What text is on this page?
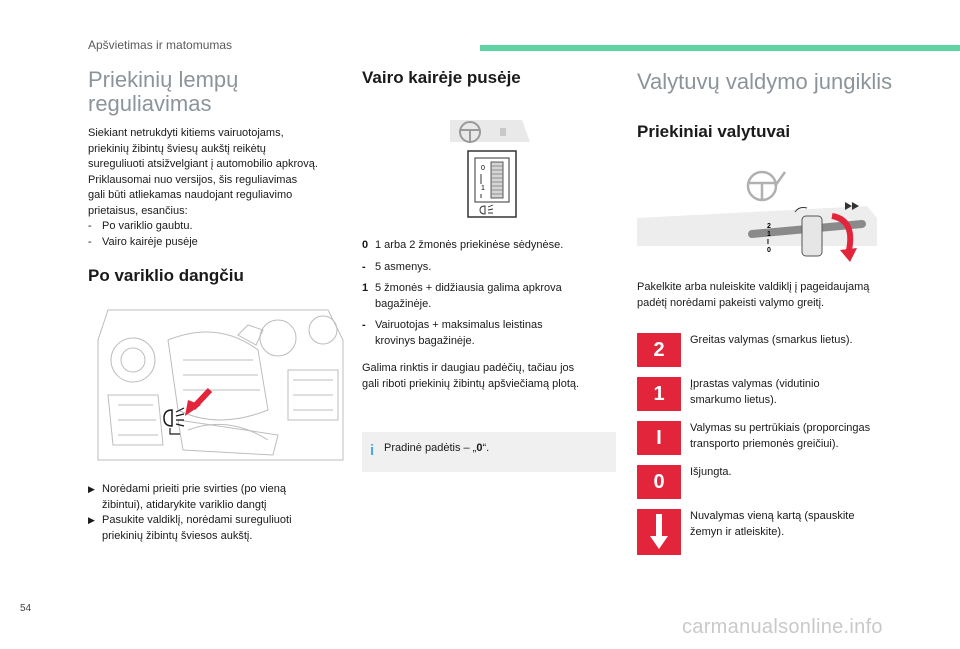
Apšvietimas ir matomumas
Priekinių lempų
reguliavimas
Siekiant netrukdyti kitiems vairuotojams,
priekinių žibintų šviesų aukštį reikėtų
sureguliuoti atsižvelgiant į automobilio apkrovą.
Priklausomai nuo versijos, šis reguliavimas
gali būti atliekamas naudojant reguliavimo
prietaisus, esančius:
- Po variklio gaubtu.
- Vairo kairėje pusėje
Po variklio dangčiu
▶ Norėdami prieiti prie svirties (po vieną
žibintui), atidarykite variklio dangtį
▶ Pasukite valdiklį, norėdami sureguliuoti
priekinių žibintų šviesos aukštį.
Vairo kairėje pusėje
0
1
0 1 arba 2 žmonės priekinėse sėdynėse.
- 5 asmenys.
1 5 žmonės + didžiausia galima apkrova
bagažinėje.
- Vairuotojas + maksimalus leistinas
krovinys bagažinėje.
Galima rinktis ir daugiau padėčių, tačiau jos
gali riboti priekinių žibintų apšviečiamą plotą.
i Pradinė padėtis – „0“.
Valytuvų valdymo jungiklis
Priekiniai valytuvai
2
1
I
0
Pakelkite arba nuleiskite valdiklį į pageidaujamą
padėtį norėdami pakeisti valymo greitį.
2	Greitas valymas (smarkus lietus).
1	Įprastas valymas (vidutinio
smarkumo lietus).
I	Valymas su pertrūkiais (proporcingas
transporto priemonės greičiui).
0	Išjungta.
Nuvalymas vieną kartą (spauskite
žemyn ir atleiskite).
54
carmanualsonline.info
